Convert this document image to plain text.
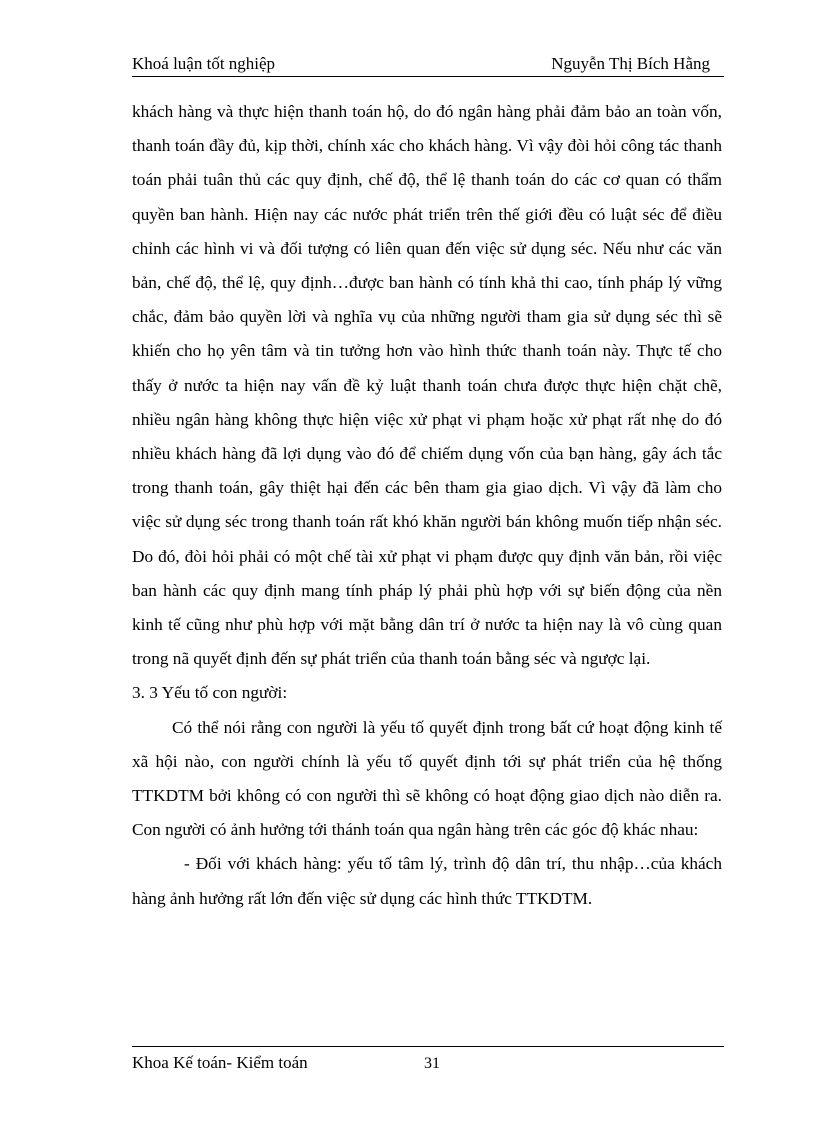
Khoá luận tốt nghiệp	Nguyễn Thị Bích Hằng

khách hàng và thực hiện thanh toán hộ, do đó ngân hàng phải đảm bảo an toàn vốn, thanh toán đầy đủ, kịp thời, chính xác cho khách hàng. Vì vậy đòi hỏi công tác thanh toán phải tuân thủ các quy định, chế độ, thể lệ thanh toán do các cơ quan có thẩm quyền ban hành. Hiện nay các nước phát triển trên thế giới đều có luật séc để điều chỉnh các hình vi và đối tượng có liên quan đến việc sử dụng séc. Nếu như các văn bản, chế độ, thể lệ, quy định…được ban hành có tính khả thi cao, tính pháp lý vững chắc, đảm bảo quyền lời và nghĩa vụ của những người tham gia sử dụng séc thì sẽ khiến cho họ yên tâm và tin tưởng hơn vào hình thức thanh toán này. Thực tế cho thấy ở nước ta hiện nay vấn đề kỷ luật thanh toán chưa được thực hiện chặt chẽ, nhiều ngân hàng không thực hiện việc xử phạt vi phạm hoặc xử phạt rất nhẹ do đó nhiều khách hàng đã lợi dụng vào đó để chiếm dụng vốn của bạn hàng, gây ách tắc trong thanh toán, gây thiệt hại đến các bên tham gia giao dịch. Vì vậy đã làm cho việc sử dụng séc trong thanh toán rất khó khăn người bán không muốn tiếp nhận séc. Do đó, đòi hỏi phải có một chế tài xử phạt vi phạm được quy định văn bản, rồi việc ban hành các quy định mang tính pháp lý phải phù hợp với sự biến động của nền kinh tế cũng như phù hợp với mặt bằng dân trí ở nước ta hiện nay là vô cùng quan trong nã quyết định đến sự phát triển của thanh toán bằng séc và ngược lại.

3. 3 Yếu tố con người:

Có thể nói rằng con người là yếu tố quyết định trong bất cứ hoạt động kinh tế xã hội nào, con người chính là yếu tố quyết định tới sự phát triển của hệ thống TTKDTM bởi không có con người thì sẽ không có hoạt động giao dịch nào diễn ra. Con người có ảnh hưởng tới thánh toán qua ngân hàng trên các góc độ khác nhau:

- Đối với khách hàng: yếu tố tâm lý, trình độ dân trí, thu nhập…của khách hàng ảnh hưởng rất lớn đến việc sử dụng các hình thức TTKDTM.

Khoa Kế toán- Kiểm toán	31
